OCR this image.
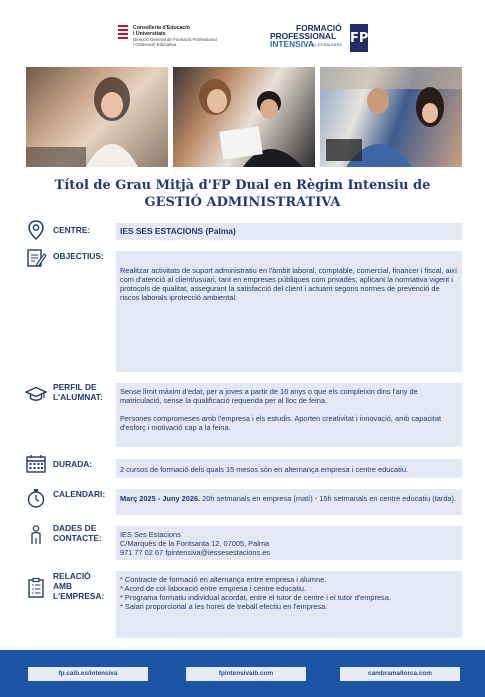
Conselleria d'Educació
i Universitats
Direcció General de Formació Professional
i Ordenació Educativa
FORMACIÓ
PROFESSIONAL
INTENSIVA
ILLES BALEARS FP
Títol de Grau Mitjà d'FP Dual en Règim Intensiu de
GESTIÓ ADMINISTRATIVA
CENTRE:	IES SES ESTACIONS (Palma)
OBJECTIUS:

Realitzar activitats de suport administratiu en l'àmbit laboral, comptable, comercial, financer i fiscal, així com d'atenció al client/usuari, tant en empreses públiques com privades, aplicant la normativa vigent i protocols de qualitat, assegurant la satisfacció del client i actuant segons normes de prevenció de riscos laborals iprotecció ambiental.

PERFIL DE
L'ALUMNAT:

Sense límit màxim d'edat, per a joves a partir de 16 anys o que els compleixin dins l'any de matriculació, sense la qualificació requerida per al lloc de feina.

Persones compromeses amb l'empresa i els estudis. Aporten creativitat i innovació, amb capacitat d'esforç i motivació cap a la feina.

DURADA:
2 cursos de formació dels quals 15 mesos són en alternança empresa i centre educatiu.
CALENDARI:	Març 2025 - Juny 2026. 20h setmanals en empresa (matí) - 15h setmanals en centre educatiu (tarda).
DADES DE
CONTACTE: IES Ses Estacions

C/Marquès de la Fontsanta 12, 07005, Palma

971 77 02 67 fpintensiva@iessesestacions.es

RELACIÓ
AMB
L'EMPRESA:

* Contracte de formació en alternança entre empresa i alumne.

* Acord de col·laboració entre empresa i centre educatiu.

* Programa formatiu individual acordat, entre el tutor de centre i el tutor d'empresa.

* Salari proporcional a les hores de treball efectiu en l'empresa.

fp.caib.es/intensiva	fpintensivaib.com	cambramallorca.com
